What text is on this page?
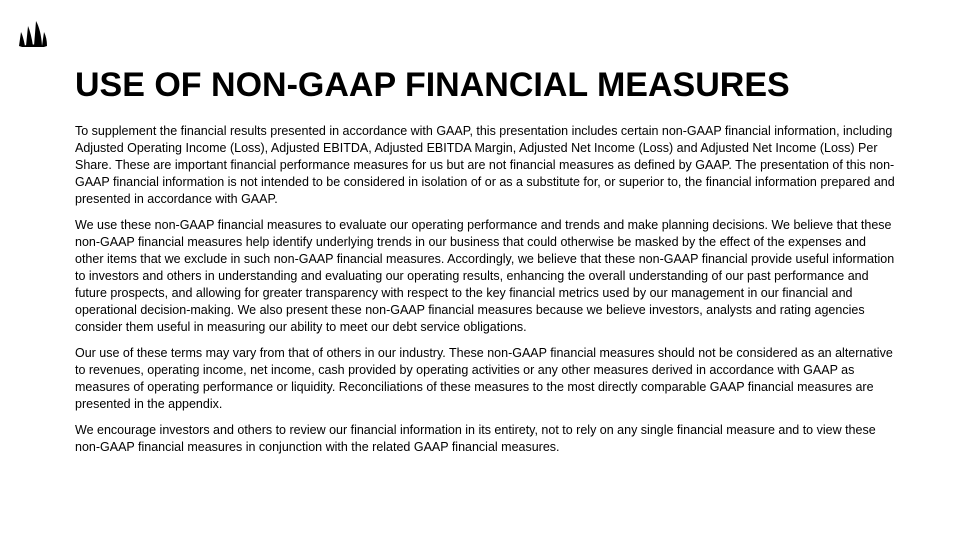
USE OF NON-GAAP FINANCIAL MEASURES

To supplement the financial results presented in accordance with GAAP, this presentation includes certain non-GAAP financial information, including Adjusted Operating Income (Loss), Adjusted EBITDA, Adjusted EBITDA Margin, Adjusted Net Income (Loss) and Adjusted Net Income (Loss) Per Share. These are important financial performance measures for us but are not financial measures as defined by GAAP. The presentation of this non-GAAP financial information is not intended to be considered in isolation of or as a substitute for, or superior to, the financial information prepared and presented in accordance with GAAP.

We use these non-GAAP financial measures to evaluate our operating performance and trends and make planning decisions. We believe that these non-GAAP financial measures help identify underlying trends in our business that could otherwise be masked by the effect of the expenses and other items that we exclude in such non-GAAP financial measures. Accordingly, we believe that these non-GAAP financial provide useful information to investors and others in understanding and evaluating our operating results, enhancing the overall understanding of our past performance and future prospects, and allowing for greater transparency with respect to the key financial metrics used by our management in our financial and operational decision-making. We also present these non-GAAP financial measures because we believe investors, analysts and rating agencies consider them useful in measuring our ability to meet our debt service obligations.

Our use of these terms may vary from that of others in our industry. These non-GAAP financial measures should not be considered as an alternative to revenues, operating income, net income, cash provided by operating activities or any other measures derived in accordance with GAAP as measures of operating performance or liquidity. Reconciliations of these measures to the most directly comparable GAAP financial measures are presented in the appendix.

We encourage investors and others to review our financial information in its entirety, not to rely on any single financial measure and to view these non-GAAP financial measures in conjunction with the related GAAP financial measures.
